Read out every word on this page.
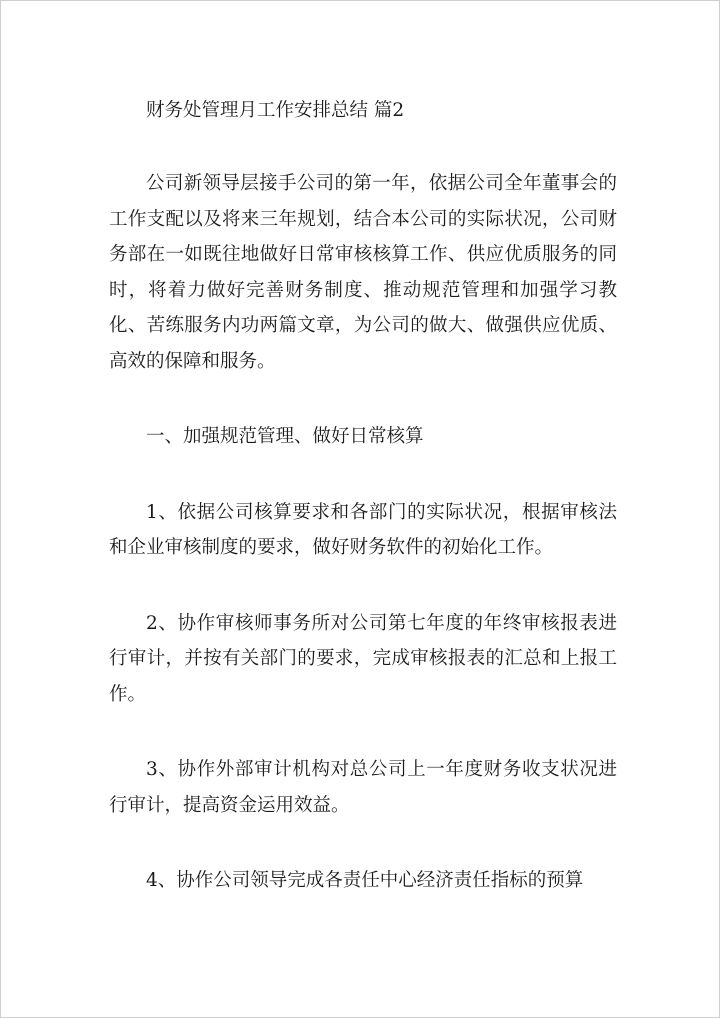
财务处管理月工作安排总结 篇2

公司新领导层接手公司的第一年，依据公司全年董事会的工作支配以及将来三年规划，结合本公司的实际状况，公司财务部在一如既往地做好日常审核核算工作、供应优质服务的同时，将着力做好完善财务制度、推动规范管理和加强学习教化、苦练服务内功两篇文章，为公司的做大、做强供应优质、高效的保障和服务。

一、加强规范管理、做好日常核算

1、依据公司核算要求和各部门的实际状况，根据审核法和企业审核制度的要求，做好财务软件的初始化工作。

2、协作审核师事务所对公司第七年度的年终审核报表进行审计，并按有关部门的要求，完成审核报表的汇总和上报工作。

3、协作外部审计机构对总公司上一年度财务收支状况进行审计，提高资金运用效益。

4、协作公司领导完成各责任中心经济责任指标的预算
